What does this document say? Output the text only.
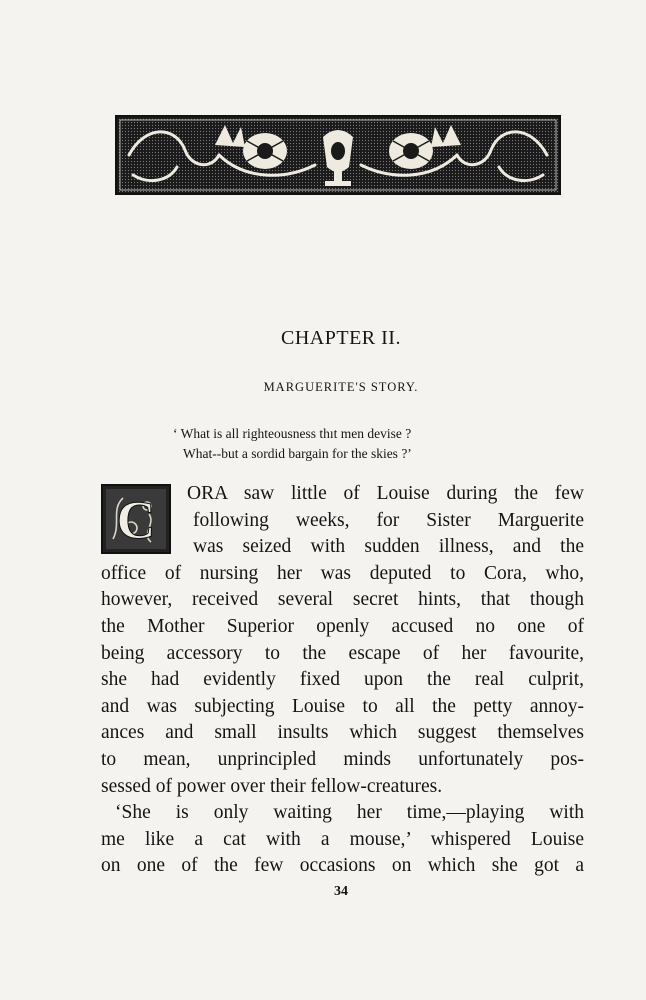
CHAPTER II.
MARGUERITE'S STORY.
‘ What is all righteousness thıt men devise ?
What--but a sordid bargain for the skies ?’
C	ORA saw little of Louise during the few
following weeks, for Sister Marguerite
was seized with sudden illness, and the
office of nursing her was deputed to Cora, who,
however, received several secret hints, that though
the Mother Superior openly accused no one of
being accessory to the escape of her favourite,
she had evidently fixed upon the real culprit,
and was subjecting Louise to all the petty annoy-
ances and small insults which suggest themselves
to mean, unprincipled minds unfortunately pos-
sessed of power over their fellow-creatures.
‘She is only waiting her time,—playing with
me like a cat with a mouse,’ whispered Louise
on one of the few occasions on which she got a
34
